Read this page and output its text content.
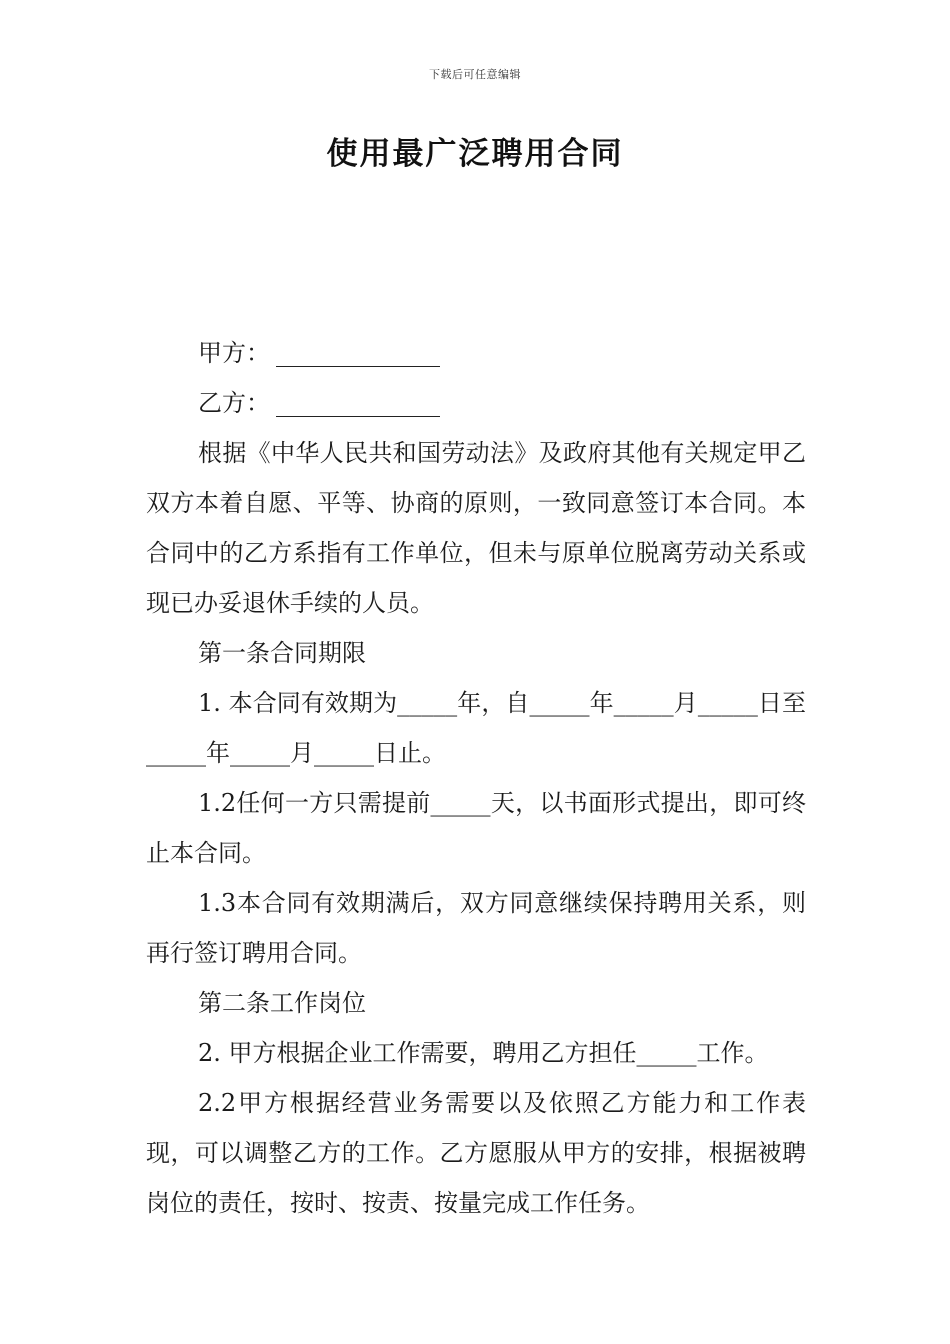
下载后可任意编辑
使用最广泛聘用合同

甲方：

乙方：

根据《中华人民共和国劳动法》及政府其他有关规定甲乙双方本着自愿、平等、协商的原则，一致同意签订本合同。本合同中的乙方系指有工作单位，但未与原单位脱离劳动关系或现已办妥退休手续的人员。

第一条合同期限

1. 本合同有效期为_____年，自_____年_____月_____日至_____年_____月_____日止。

1.2任何一方只需提前_____天，以书面形式提出，即可终止本合同。

1.3本合同有效期满后，双方同意继续保持聘用关系，则再行签订聘用合同。

第二条工作岗位

2. 甲方根据企业工作需要，聘用乙方担任_____工作。

2.2甲方根据经营业务需要以及依照乙方能力和工作表现，可以调整乙方的工作。乙方愿服从甲方的安排，根据被聘岗位的责任，按时、按责、按量完成工作任务。
